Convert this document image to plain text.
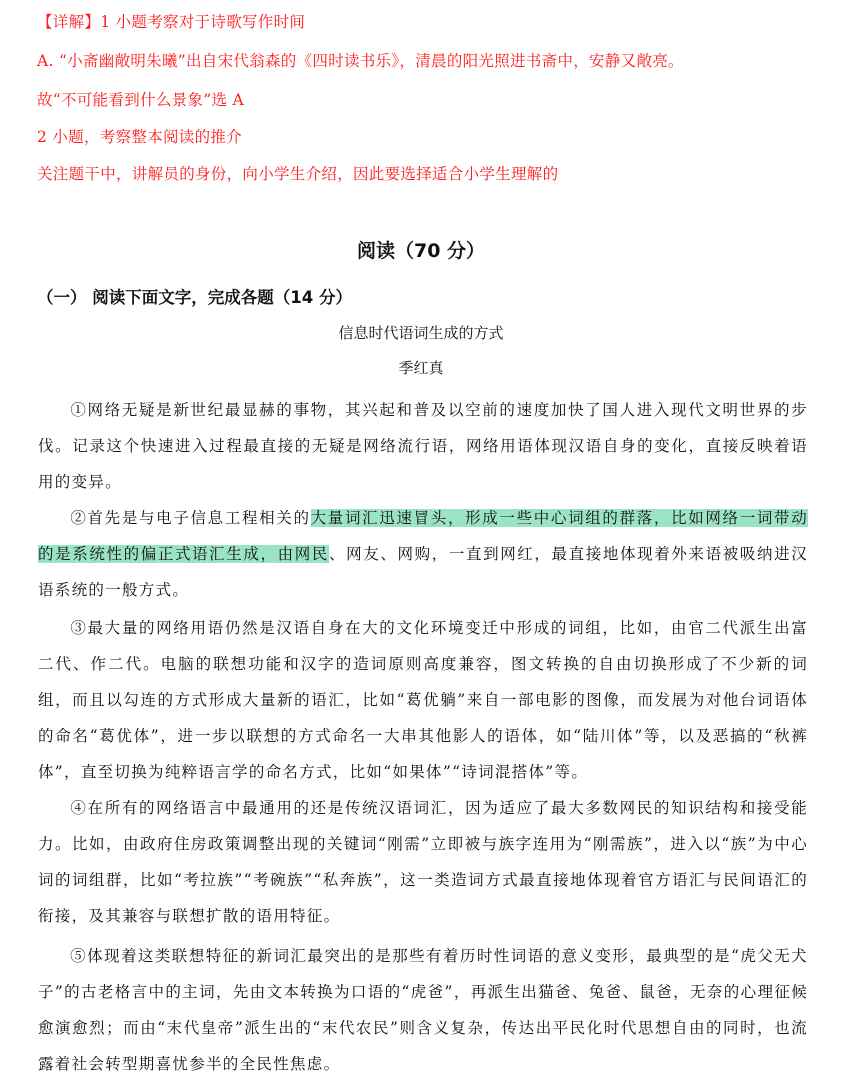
【详解】1 小题考察对于诗歌写作时间
A. “小斋幽敞明朱曦”出自宋代翁森的《四时读书乐》，清晨的阳光照进书斋中，安静又敞亮。
故“不可能看到什么景象”选 A
2 小题，考察整本阅读的推介
关注题干中，讲解员的身份，向小学生介绍，因此要选择适合小学生理解的
阅读（70 分）
（一） 阅读下面文字，完成各题（14 分）
信息时代语词生成的方式
季红真
①网络无疑是新世纪最显赫的事物，其兴起和普及以空前的速度加快了国人进入现代文明世界的步伐。记录这个快速进入过程最直接的无疑是网络流行语，网络用语体现汉语自身的变化，直接反映着语用的变异。
②首先是与电子信息工程相关的大量词汇迅速冒头，形成一些中心词组的群落，比如网络一词带动的是系统性的偏正式语汇生成，由网民、网友、网购，一直到网红，最直接地体现着外来语被吸纳进汉语系统的一般方式。
③最大量的网络用语仍然是汉语自身在大的文化环境变迁中形成的词组，比如，由官二代派生出富二代、作二代。电脑的联想功能和汉字的造词原则高度兼容，图文转换的自由切换形成了不少新的词组，而且以勾连的方式形成大量新的语汇，比如“葛优躺”来自一部电影的图像，而发展为对他台词语体的命名“葛优体”，进一步以联想的方式命名一大串其他影人的语体，如“陆川体”等，以及恶搞的“秋裤体”，直至切换为纯粹语言学的命名方式，比如“如果体”“诗词混搭体”等。
④在所有的网络语言中最通用的还是传统汉语词汇，因为适应了最大多数网民的知识结构和接受能力。比如，由政府住房政策调整出现的关键词“刚需”立即被与族字连用为“刚需族”，进入以“族”为中心词的词组群，比如“考拉族”“考碗族”“私奔族”，这一类造词方式最直接地体现着官方语汇与民间语汇的衔接，及其兼容与联想扩散的语用特征。
⑤体现着这类联想特征的新词汇最突出的是那些有着历时性词语的意义变形，最典型的是“虎父无犬子”的古老格言中的主词，先由文本转换为口语的“虎爸”，再派生出猫爸、兔爸、鼠爸，无奈的心理征候愈演愈烈；而由“末代皇帝”派生出的“末代农民”则含义复杂，传达出平民化时代思想自由的同时，也流露着社会转型期喜忧参半的全民性焦虑。
